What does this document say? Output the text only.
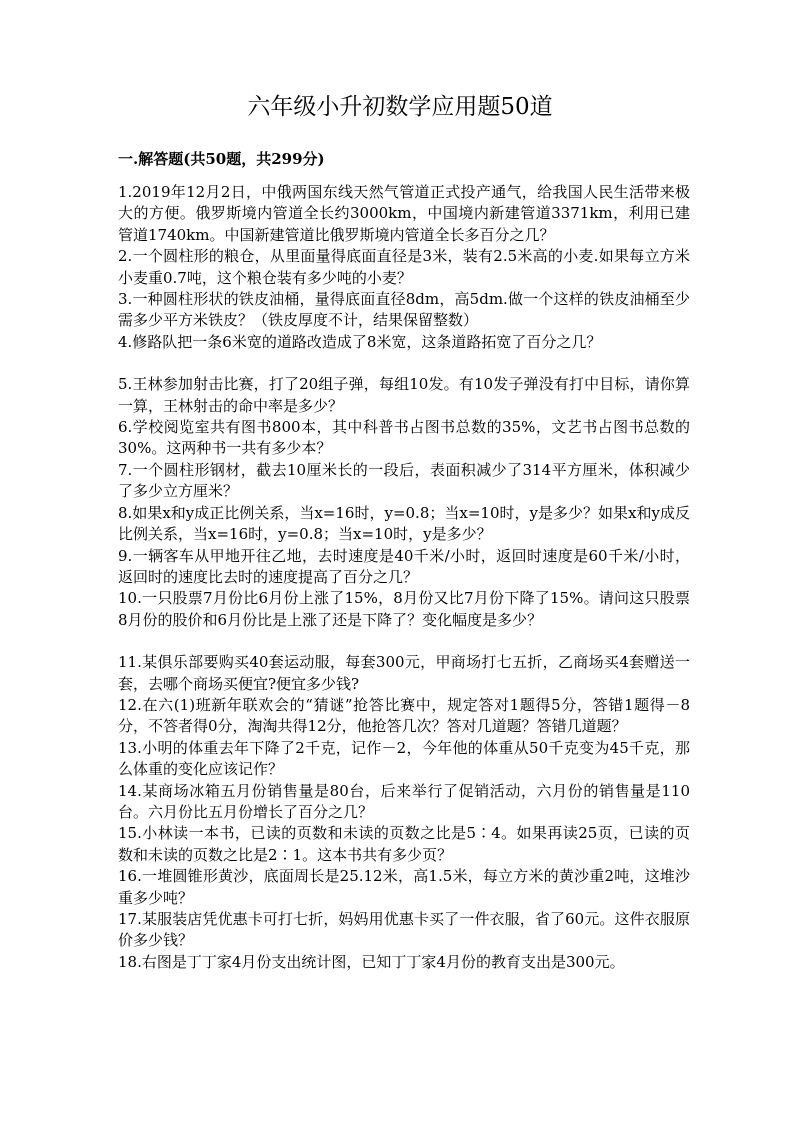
六年级小升初数学应用题50道
一.解答题(共50题，共299分)

1.2019年12月2日，中俄两国东线天然气管道正式投产通气，给我国人民生活带来极大的方便。俄罗斯境内管道全长约3000km，中国境内新建管道3371km，利用已建管道1740km。中国新建管道比俄罗斯境内管道全长多百分之几？

2.一个圆柱形的粮仓，从里面量得底面直径是3米，装有2.5米高的小麦.如果每立方米小麦重0.7吨，这个粮仓装有多少吨的小麦？

3.一种圆柱形状的铁皮油桶，量得底面直径8dm，高5dm.做一个这样的铁皮油桶至少需多少平方米铁皮？（铁皮厚度不计，结果保留整数）

4.修路队把一条6米宽的道路改造成了8米宽，这条道路拓宽了百分之几？

5.王林参加射击比赛，打了20组子弹，每组10发。有10发子弹没有打中目标，请你算一算，王林射击的命中率是多少？

6.学校阅览室共有图书800本，其中科普书占图书总数的35%，文艺书占图书总数的30%。这两种书一共有多少本？

7.一个圆柱形钢材，截去10厘米长的一段后，表面积减少了314平方厘米，体积减少了多少立方厘米？

8.如果x和y成正比例关系，当x=16时，y=0.8；当x=10时，y是多少？如果x和y成反比例关系，当x=16时，y=0.8；当x=10时，y是多少？

9.一辆客车从甲地开往乙地，去时速度是40千米/小时，返回时速度是60千米/小时，返回时的速度比去时的速度提高了百分之几？

10.一只股票7月份比6月份上涨了15%，8月份又比7月份下降了15%。请问这只股票8月份的股价和6月份比是上涨了还是下降了？变化幅度是多少？

11.某俱乐部要购买40套运动服，每套300元，甲商场打七五折，乙商场买4套赠送一套，去哪个商场买便宜?便宜多少钱?

12.在六(1)班新年联欢会的“猜谜”抢答比赛中，规定答对1题得5分，答错1题得－8分，不答者得0分，淘淘共得12分，他抢答几次？答对几道题？答错几道题？

13.小明的体重去年下降了2千克，记作－2，今年他的体重从50千克变为45千克，那么体重的变化应该记作？

14.某商场冰箱五月份销售量是80台，后来举行了促销活动，六月份的销售量是110台。六月份比五月份增长了百分之几？

15.小林读一本书，已读的页数和未读的页数之比是5∶4。如果再读25页，已读的页数和未读的页数之比是2∶1。这本书共有多少页？

16.一堆圆锥形黄沙，底面周长是25.12米，高1.5米，每立方米的黄沙重2吨，这堆沙重多少吨？

17.某服装店凭优惠卡可打七折，妈妈用优惠卡买了一件衣服，省了60元。这件衣服原价多少钱？

18.右图是丁丁家4月份支出统计图，已知丁丁家4月份的教育支出是300元。
